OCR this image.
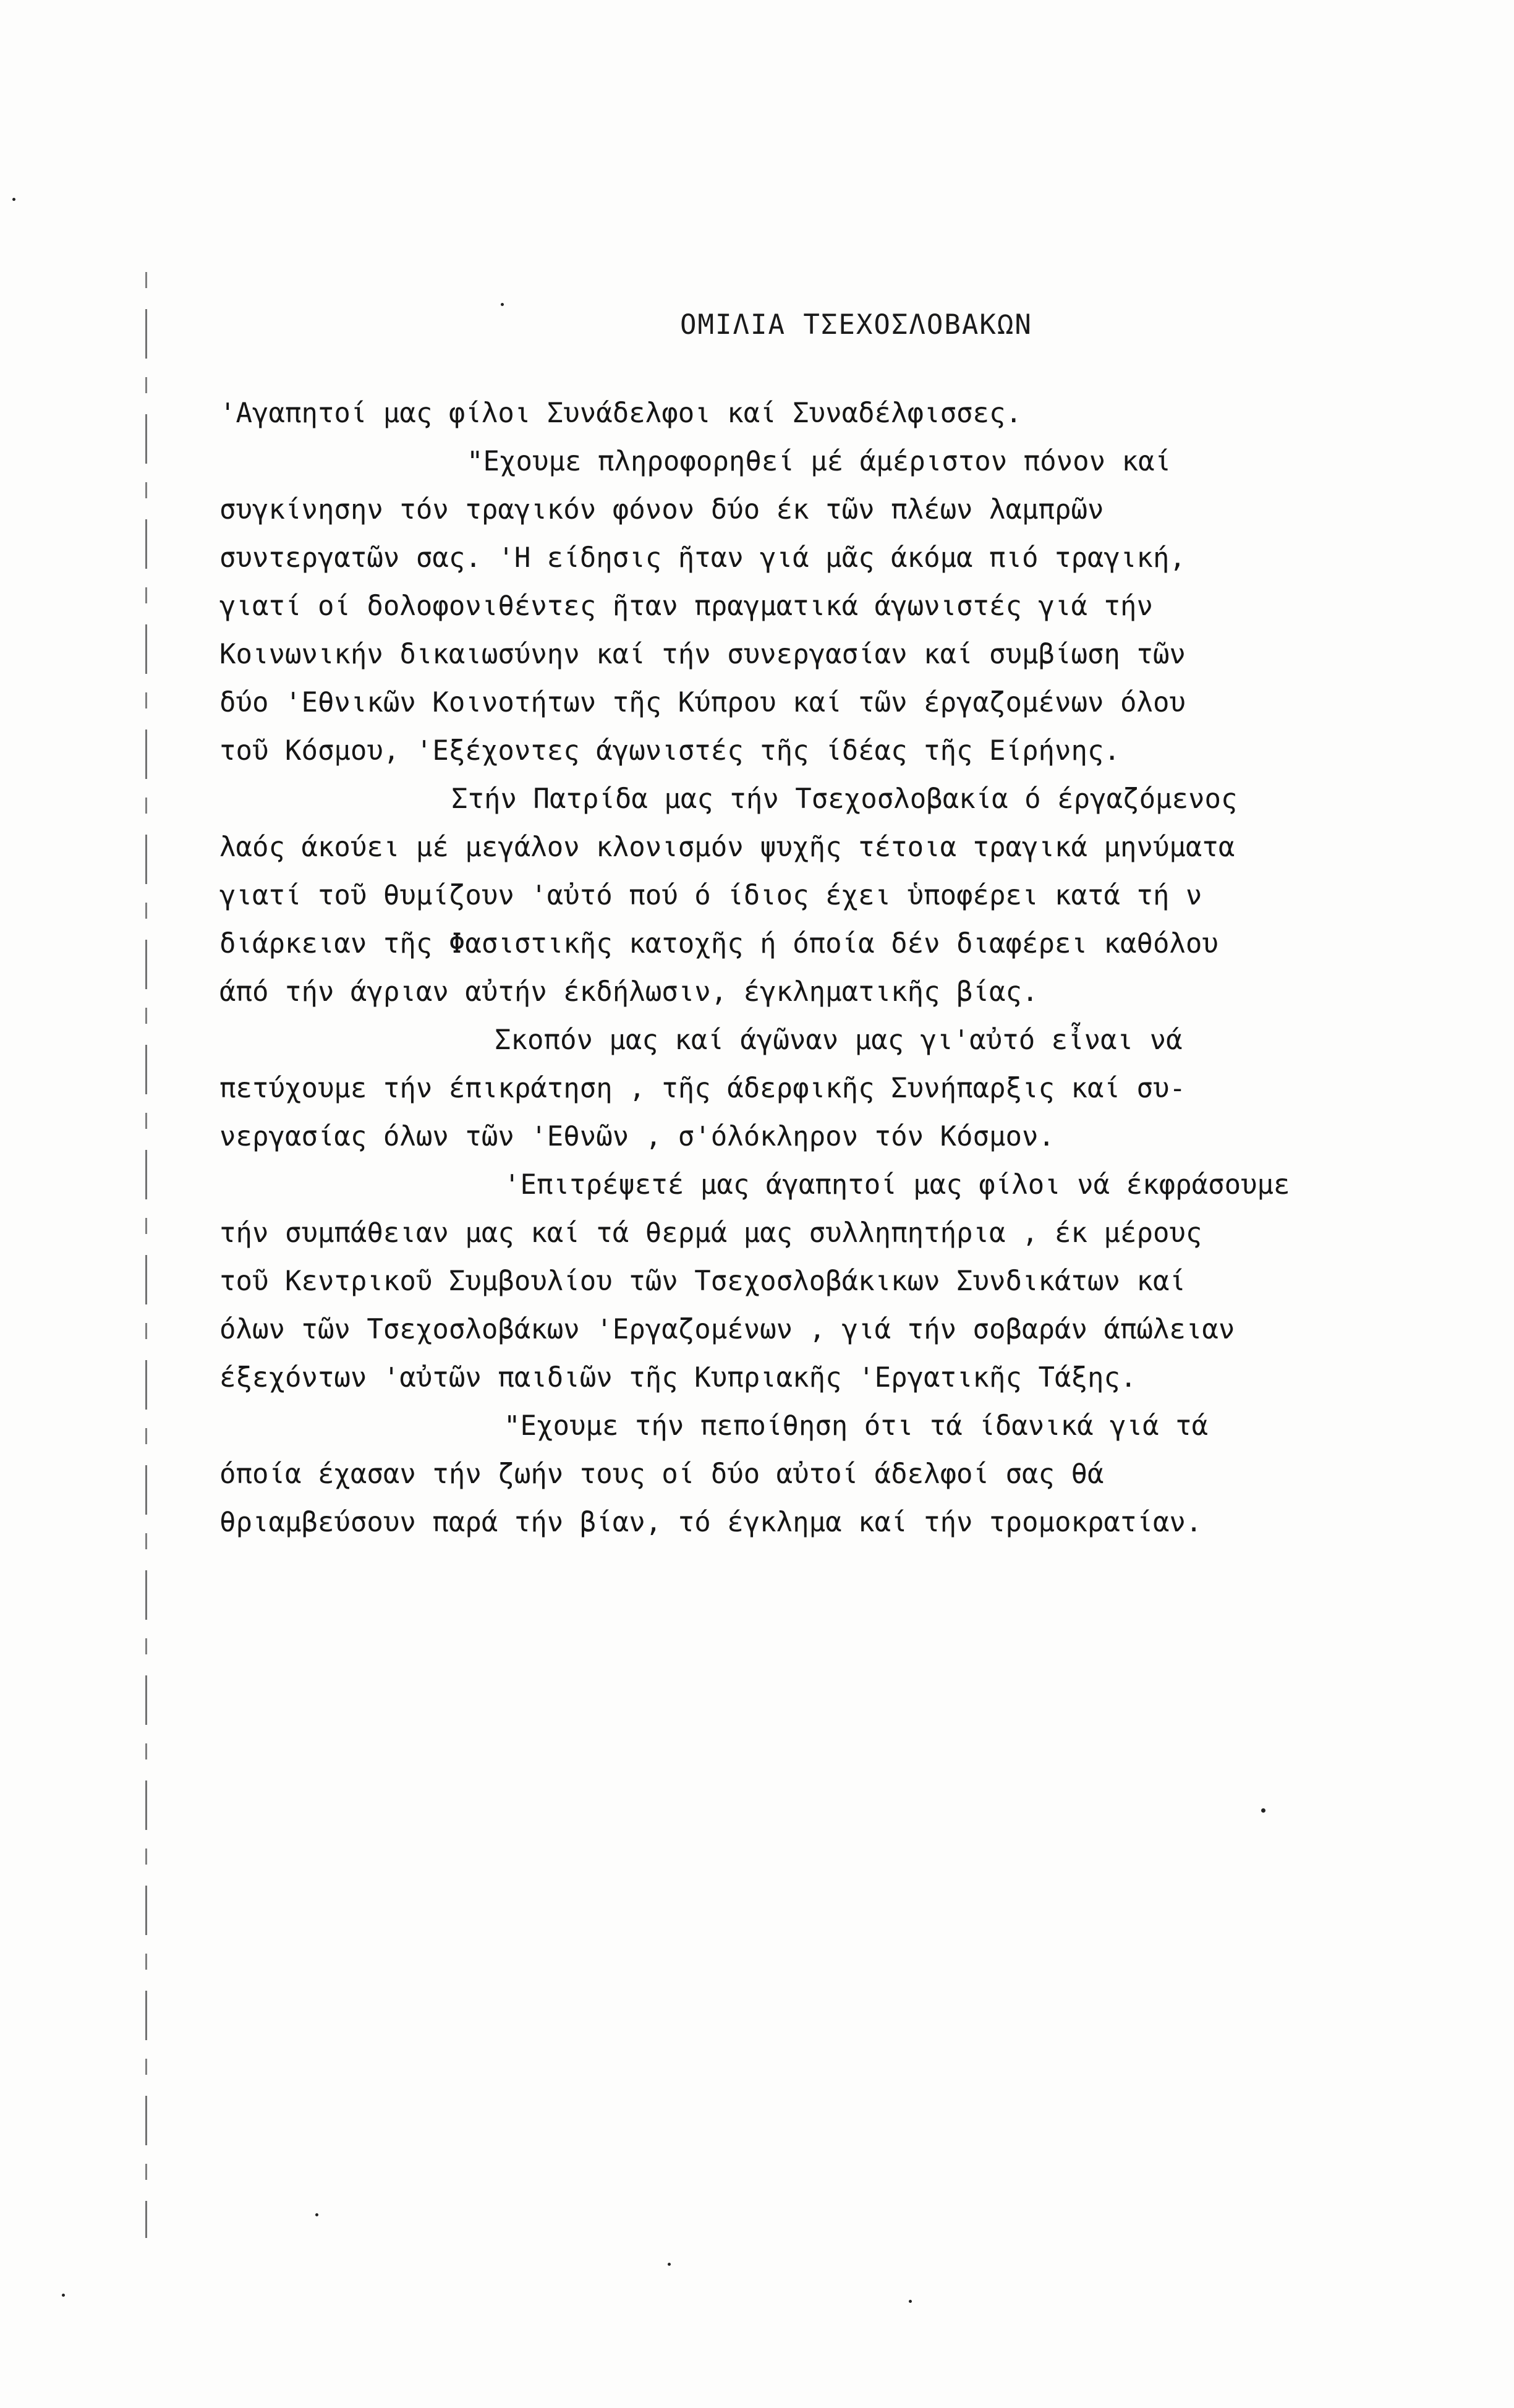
ΟΜΙΛΙΑ ΤΣΕΧΟΣΛΟΒΑΚΩΝ
'Αγαπητοί μας φίλοι Συνάδελφοι καί Συναδέλφισσες.
"Εχουμε πληροφορηθεί μέ άμέριστον πόνον καί
συγκίνησην τόν τραγικόν φόνον δύο έκ τῶν πλέων λαμπρῶν
συντεργατῶν σας. 'Η είδησις ῆταν γιά μᾶς άκόμα πιό τραγική,
γιατί οί δολοφονιθέντες ῆταν πραγματικά άγωνιστές γιά τήν
Κοινωνικήν δικαιωσύνην καί τήν συνεργασίαν καί συμβίωση τῶν
δύο 'Εθνικῶν Κοινοτήτων τῆς Κύπρου καί τῶν έργαζομένων όλου
τοῦ Κόσμου, 'Εξέχοντες άγωνιστές τῆς ίδέας τῆς Είρήνης.
Στήν Πατρίδα μας τήν Τσεχοσλοβακία ό έργαζόμενος
λαός άκούει μέ μεγάλον κλονισμόν ψυχῆς τέτοια τραγικά μηνύματα
γιατί τοῦ θυμίζουν 'αὐτό πού ό ίδιος έχει ὑποφέρει κατά τή ν
διάρκειαν τῆς Φασιστικῆς κατοχῆς ή όποία δέν διαφέρει καθόλου
άπό τήν άγριαν αὐτήν έκδήλωσιν, έγκληματικῆς βίας.
Σκοπόν μας καί άγῶναν μας γι'αὐτό εἶναι νά
πετύχουμε τήν έπικράτηση , τῆς άδερφικῆς Συνήπαρξις καί συ-
νεργασίας όλων τῶν 'Εθνῶν , σ'όλόκληρον τόν Κόσμον.
'Επιτρέψετέ μας άγαπητοί μας φίλοι νά έκφράσουμε
τήν συμπάθειαν μας καί τά θερμά μας συλληπητήρια , έκ μέρους
τοῦ Κεντρικοῦ Συμβουλίου τῶν Τσεχοσλοβάκικων Συνδικάτων καί
όλων τῶν Τσεχοσλοβάκων 'Εργαζομένων , γιά τήν σοβαράν άπώλειαν
έξεχόντων 'αὐτῶν παιδιῶν τῆς Κυπριακῆς 'Εργατικῆς Τάξης.
"Εχουμε τήν πεποίθηση ότι τά ίδανικά γιά τά
όποία έχασαν τήν ζωήν τους οί δύο αὐτοί άδελφοί σας θά
θριαμβεύσουν παρά τήν βίαν, τό έγκλημα καί τήν τρομοκρατίαν.
